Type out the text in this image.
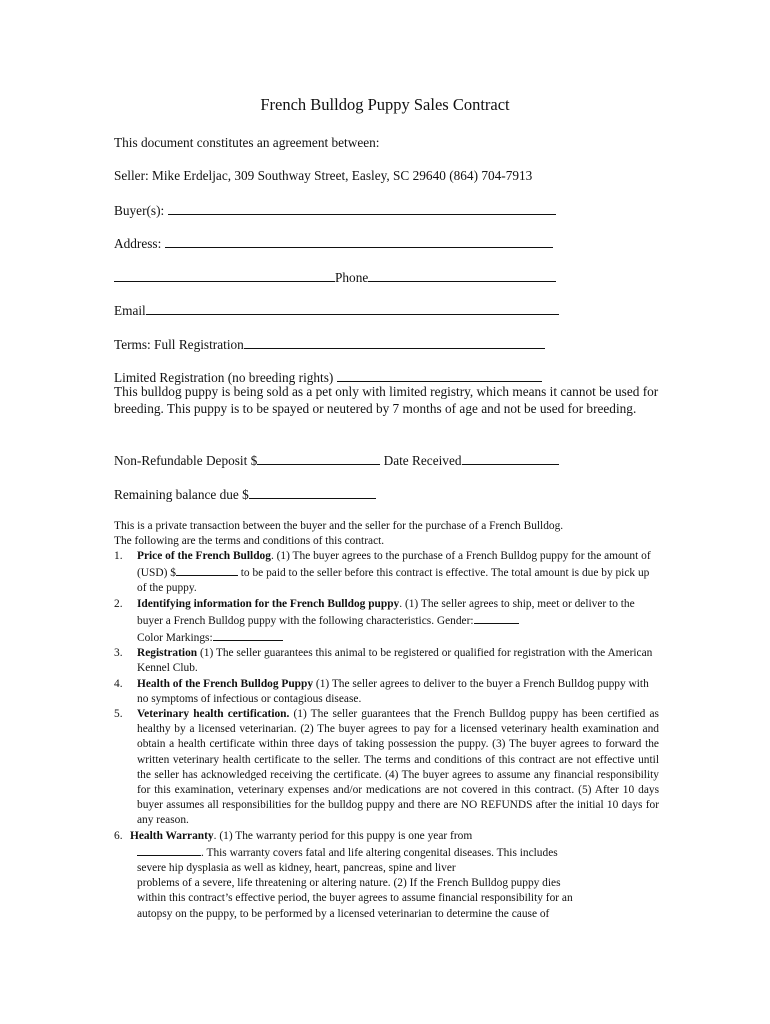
French Bulldog Puppy Sales Contract
This document constitutes an agreement between:
Seller: Mike Erdeljac, 309 Southway Street, Easley, SC 29640 (864) 704-7913
Buyer(s):
Address:
Phone
Email
Terms: Full Registration
Limited Registration (no breeding rights)
This bulldog puppy is being sold as a pet only with limited registry, which means it cannot be used for breeding. This puppy is to be spayed or neutered by 7 months of age and not be used for breeding.
Non-Refundable Deposit $	Date Received
Remaining balance due $
This is a private transaction between the buyer and the seller for the purchase of a French Bulldog.
The following are the terms and conditions of this contract.
1. Price of the French Bulldog. (1) The buyer agrees to the purchase of a French Bulldog puppy for the amount of (USD) $	to be paid to the seller before this contract is effective. The total amount is due by pick up of the puppy.
2. Identifying information for the French Bulldog puppy. (1) The seller agrees to ship, meet or deliver to the buyer a French Bulldog puppy with the following characteristics. Gender:
Color Markings:
3. Registration (1) The seller guarantees this animal to be registered or qualified for registration with the American Kennel Club.
4. Health of the French Bulldog Puppy (1) The seller agrees to deliver to the buyer a French Bulldog puppy with no symptoms of infectious or contagious disease.
5. Veterinary health certification. (1) The seller guarantees that the French Bulldog puppy has been certified as healthy by a licensed veterinarian. (2) The buyer agrees to pay for a licensed veterinary health examination and obtain a health certificate within three days of taking possession the puppy. (3) The buyer agrees to forward the written veterinary health certificate to the seller. The terms and conditions of this contract are not effective until the seller has acknowledged receiving the certificate. (4) The buyer agrees to assume any financial responsibility for this examination, veterinary expenses and/or medications are not covered in this contract. (5) After 10 days buyer assumes all responsibilities for the bulldog puppy and there are NO REFUNDS after the initial 10 days for any reason.
6. Health Warranty. (1) The warranty period for this puppy is one year from
. This warranty covers fatal and life altering congenital diseases. This includes
severe hip dysplasia as well as kidney, heart, pancreas, spine and liver
problems of a severe, life threatening or altering nature. (2) If the French Bulldog puppy dies
within this contract’s effective period, the buyer agrees to assume financial responsibility for an
autopsy on the puppy, to be performed by a licensed veterinarian to determine the cause of
